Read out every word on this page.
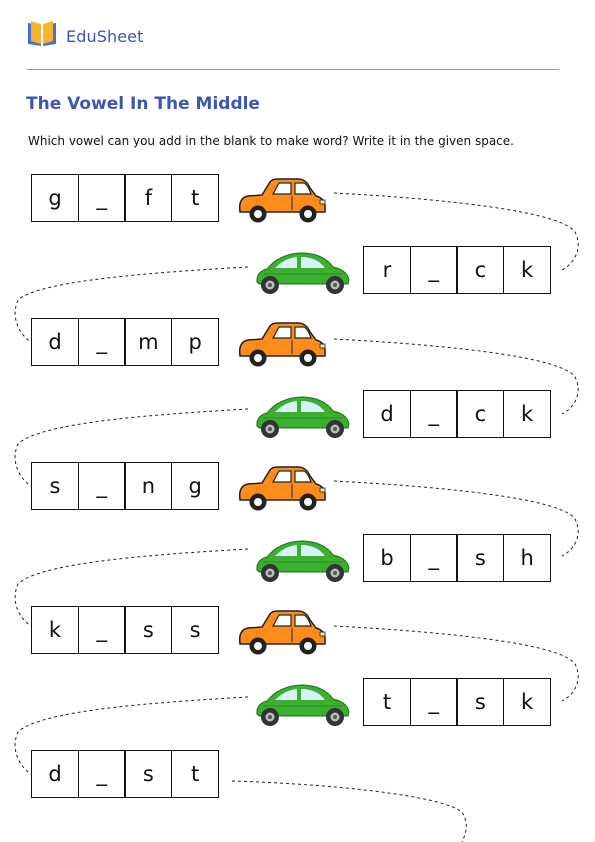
EduSheet
The Vowel In The Middle
Which vowel can you add in the blank to make word? Write it in the given space.
g	_	f	t
r	_	c	k
d	_	m	p
d	_	c	k
s	_	n	g
b	_	s	h
k	_	s	s
t	_	s	k
d	_	s	t
